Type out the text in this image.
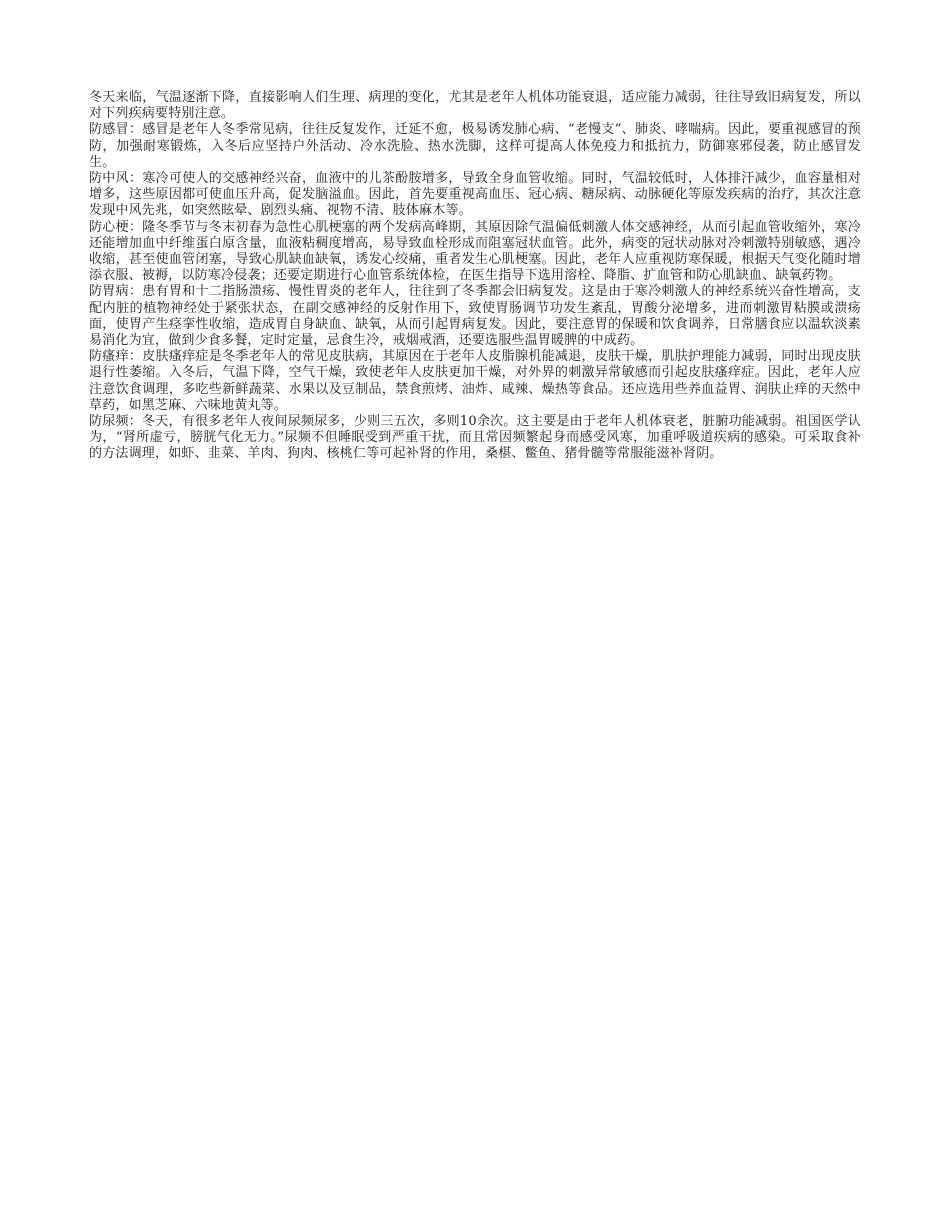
冬天来临，气温逐渐下降，直接影响人们生理、病理的变化，尤其是老年人机体功能衰退，适应能力减弱，往往导致旧病复发，所以对下列疾病要特别注意。

防感冒：感冒是老年人冬季常见病，往往反复发作，迁延不愈，极易诱发肺心病、“老慢支”、肺炎、哮喘病。因此，要重视感冒的预防，加强耐寒锻炼，入冬后应坚持户外活动、冷水洗脸、热水洗脚，这样可提高人体免疫力和抵抗力，防御寒邪侵袭，防止感冒发生。

防中风：寒冷可使人的交感神经兴奋，血液中的儿茶酚胺增多，导致全身血管收缩。同时，气温较低时，人体排汗减少，血容量相对增多，这些原因都可使血压升高，促发脑溢血。因此，首先要重视高血压、冠心病、糖尿病、动脉硬化等原发疾病的治疗，其次注意发现中风先兆，如突然眩晕、剧烈头痛、视物不清、肢体麻木等。

防心梗：隆冬季节与冬末初春为急性心肌梗塞的两个发病高峰期，其原因除气温偏低刺激人体交感神经，从而引起血管收缩外，寒冷还能增加血中纤维蛋白原含量，血液粘稠度增高，易导致血栓形成而阻塞冠状血管。此外，病变的冠状动脉对冷刺激特别敏感，遇冷收缩，甚至使血管闭塞，导致心肌缺血缺氧，诱发心绞痛，重者发生心肌梗塞。因此，老年人应重视防寒保暖，根据天气变化随时增添衣服、被褥，以防寒冷侵袭；还要定期进行心血管系统体检，在医生指导下选用溶栓、降脂、扩血管和防心肌缺血、缺氧药物。

防胃病：患有胃和十二指肠溃疡、慢性胃炎的老年人，往往到了冬季都会旧病复发。这是由于寒冷刺激人的神经系统兴奋性增高，支配内脏的植物神经处于紧张状态，在副交感神经的反射作用下，致使胃肠调节功发生紊乱，胃酸分泌增多，进而刺激胃粘膜或溃疡面，使胃产生痉挛性收缩，造成胃自身缺血、缺氧，从而引起胃病复发。因此，要注意胃的保暖和饮食调养，日常膳食应以温软淡素易消化为宜，做到少食多餐，定时定量，忌食生冷，戒烟戒酒，还要选服些温胃暖脾的中成药。

防瘙痒：皮肤瘙痒症是冬季老年人的常见皮肤病，其原因在于老年人皮脂腺机能减退，皮肤干燥，肌肤护理能力减弱，同时出现皮肤退行性萎缩。入冬后，气温下降，空气干燥，致使老年人皮肤更加干燥，对外界的刺激异常敏感而引起皮肤瘙痒症。因此，老年人应注意饮食调理，多吃些新鲜蔬菜、水果以及豆制品，禁食煎烤、油炸、咸辣、燥热等食品。还应选用些养血益胃、润肤止痒的天然中草药，如黑芝麻、六味地黄丸等。

防尿频：冬天，有很多老年人夜间尿频尿多，少则三五次，多则10余次。这主要是由于老年人机体衰老，脏腑功能减弱。祖国医学认为，“肾所虚亏，膀胱气化无力。”尿频不但睡眠受到严重干扰，而且常因频繁起身而感受风寒，加重呼吸道疾病的感染。可采取食补的方法调理，如虾、韭菜、羊肉、狗肉、核桃仁等可起补肾的作用，桑椹、鳖鱼、猪骨髓等常服能滋补肾阴。
